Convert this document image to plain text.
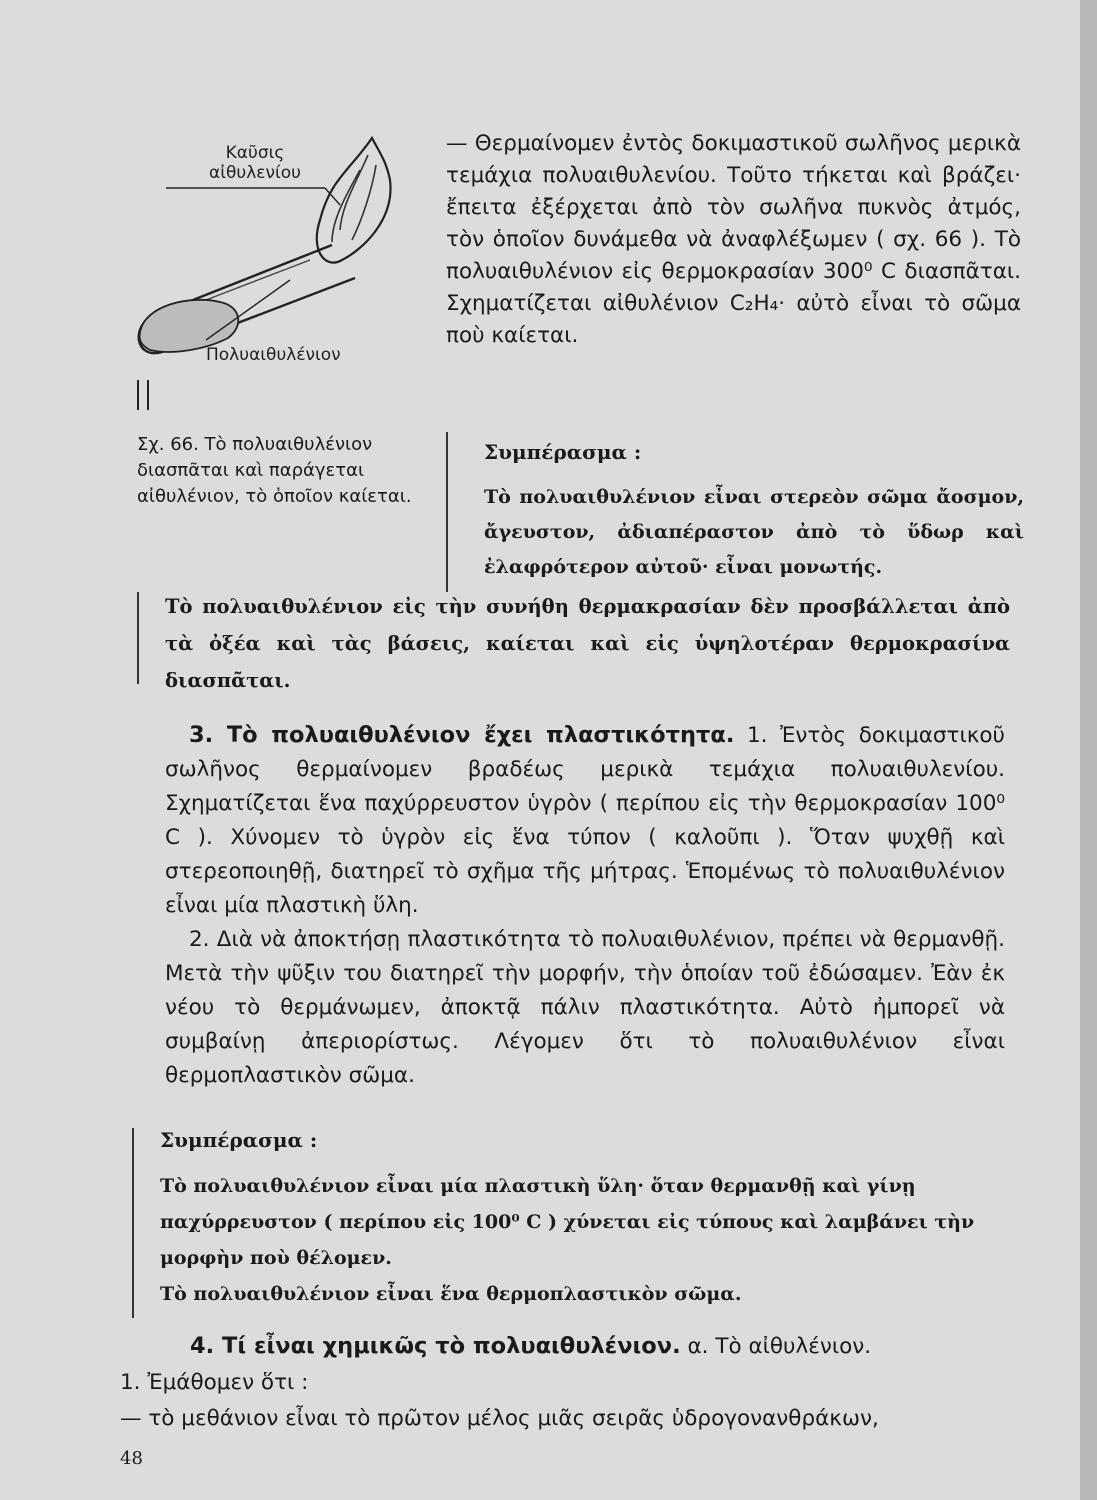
Καῦσις αἰθυλενίου
Πολυαιθυλένιον
Σχ. 66. Τὸ πολυαιθυλένιον διασπᾶται καὶ παράγεται αἰθυλένιον, τὸ ὁποῖον καίεται.

— Θερμαίνομεν ἐντὸς δοκιμαστικοῦ σωλῆνος μερικὰ τεμάχια πολυαιθυλενίου. Τοῦτο τήκεται καὶ βράζει· ἔπειτα ἐξέρχεται ἀπὸ τὸν σωλῆνα πυκνὸς ἀτμός, τὸν ὁποῖον δυνάμεθα νὰ ἀναφλέξωμεν ( σχ. 66 ). Τὸ πολυαιθυλένιον εἰς θερμοκρασίαν 300⁰ C διασπᾶται. Σχηματίζεται αἰθυλένιον C₂H₄· αὐτὸ εἶναι τὸ σῶμα ποὺ καίεται.

Συμπέρασμα :
Τὸ πολυαιθυλένιον εἶναι στερεὸν σῶμα ἄοσμον, ἄγευστον, ἀδιαπέραστον ἀπὸ τὸ ὕδωρ καὶ ἐλαφρότερον αὐτοῦ· εἶναι μονωτής.
Τὸ πολυαιθυλένιον εἰς τὴν συνήθη θερμακρασίαν δὲν προσβάλλεται ἀπὸ τὰ ὀξέα καὶ τὰς βάσεις, καίεται καὶ εἰς ὑψηλοτέραν θερμοκρασίνα διασπᾶται.

3. Τὸ πολυαιθυλένιον ἔχει πλαστικότητα. 1. Ἐντὸς δοκιμαστικοῦ σωλῆνος θερμαίνομεν βραδέως μερικὰ τεμάχια πολυαιθυλενίου. Σχηματίζεται ἕνα παχύρρευστον ὑγρὸν ( περίπου εἰς τὴν θερμοκρασίαν 100⁰ C ). Χύνομεν τὸ ὑγρὸν εἰς ἕνα τύπον ( καλοῦπι ). Ὅταν ψυχθῇ καὶ στερεοποιηθῇ, διατηρεῖ τὸ σχῆμα τῆς μήτρας. Ἑπομένως τὸ πολυαιθυλένιον εἶναι μία πλαστικὴ ὕλη.

2. Διὰ νὰ ἀποκτήσῃ πλαστικότητα τὸ πολυαιθυλένιον, πρέπει νὰ θερμανθῇ. Μετὰ τὴν ψῦξιν του διατηρεῖ τὴν μορφήν, τὴν ὁποίαν τοῦ ἐδώσαμεν. Ἐὰν ἐκ νέου τὸ θερμάνωμεν, ἀποκτᾷ πάλιν πλαστικότητα. Αὐτὸ ἠμπορεῖ νὰ συμβαίνῃ ἀπεριορίστως. Λέγομεν ὅτι τὸ πολυαιθυλένιον εἶναι θερμοπλαστικὸν σῶμα.

Συμπέρασμα :

Τὸ πολυαιθυλένιον εἶναι μία πλαστικὴ ὕλη· ὅταν θερμανθῇ καὶ γίνῃ παχύρρευστον ( περίπου εἰς 100⁰ C ) χύνεται εἰς τύπους καὶ λαμβάνει τὴν μορφὴν ποὺ θέλομεν.

Τὸ πολυαιθυλένιον εἶναι ἕνα θερμοπλαστικὸν σῶμα.

4. Τί εἶναι χημικῶς τὸ πολυαιθυλένιον. α. Τὸ αἰθυλένιον.

1. Ἐμάθομεν ὅτι :

— τὸ μεθάνιον εἶναι τὸ πρῶτον μέλος μιᾶς σειρᾶς ὑδρογονανθράκων,

48
